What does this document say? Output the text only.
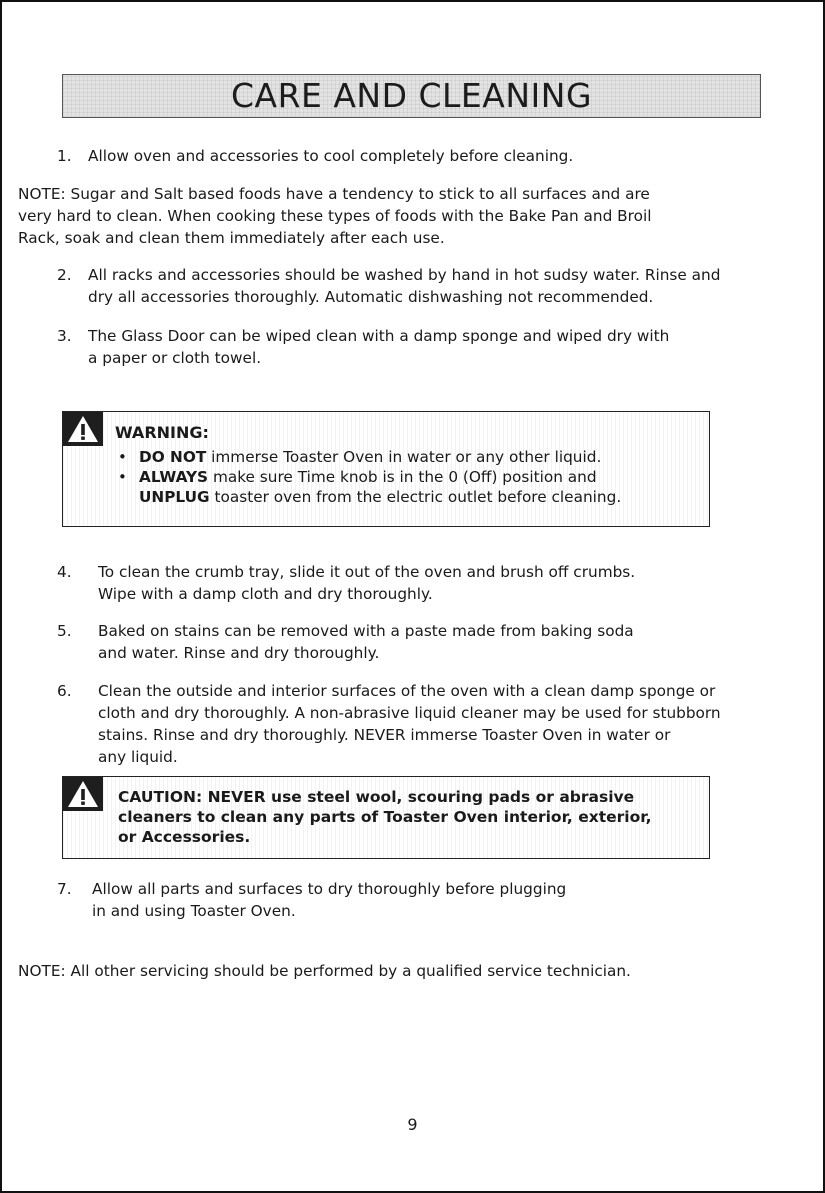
CARE AND CLEANING
1. Allow oven and accessories to cool completely before cleaning.
NOTE: Sugar and Salt based foods have a tendency to stick to all surfaces and are
very hard to clean. When cooking these types of foods with the Bake Pan and Broil
Rack, soak and clean them immediately after each use.
2. All racks and accessories should be washed by hand in hot sudsy water. Rinse and
dry all accessories thoroughly. Automatic dishwashing not recommended.
3. The Glass Door can be wiped clean with a damp sponge and wiped dry with
a paper or cloth towel.
WARNING:
• DO NOT immerse Toaster Oven in water or any other liquid.
• ALWAYS make sure Time knob is in the 0 (Off) position and
UNPLUG toaster oven from the electric outlet before cleaning.
4. To clean the crumb tray, slide it out of the oven and brush off crumbs.
Wipe with a damp cloth and dry thoroughly.
5. Baked on stains can be removed with a paste made from baking soda
and water. Rinse and dry thoroughly.
6. Clean the outside and interior surfaces of the oven with a clean damp sponge or
cloth and dry thoroughly. A non-abrasive liquid cleaner may be used for stubborn
stains. Rinse and dry thoroughly. NEVER immerse Toaster Oven in water or
any liquid.
CAUTION: NEVER use steel wool, scouring pads or abrasive
cleaners to clean any parts of Toaster Oven interior, exterior,
or Accessories.
7. Allow all parts and surfaces to dry thoroughly before plugging
in and using Toaster Oven.
NOTE: All other servicing should be performed by a qualified service technician.
9
